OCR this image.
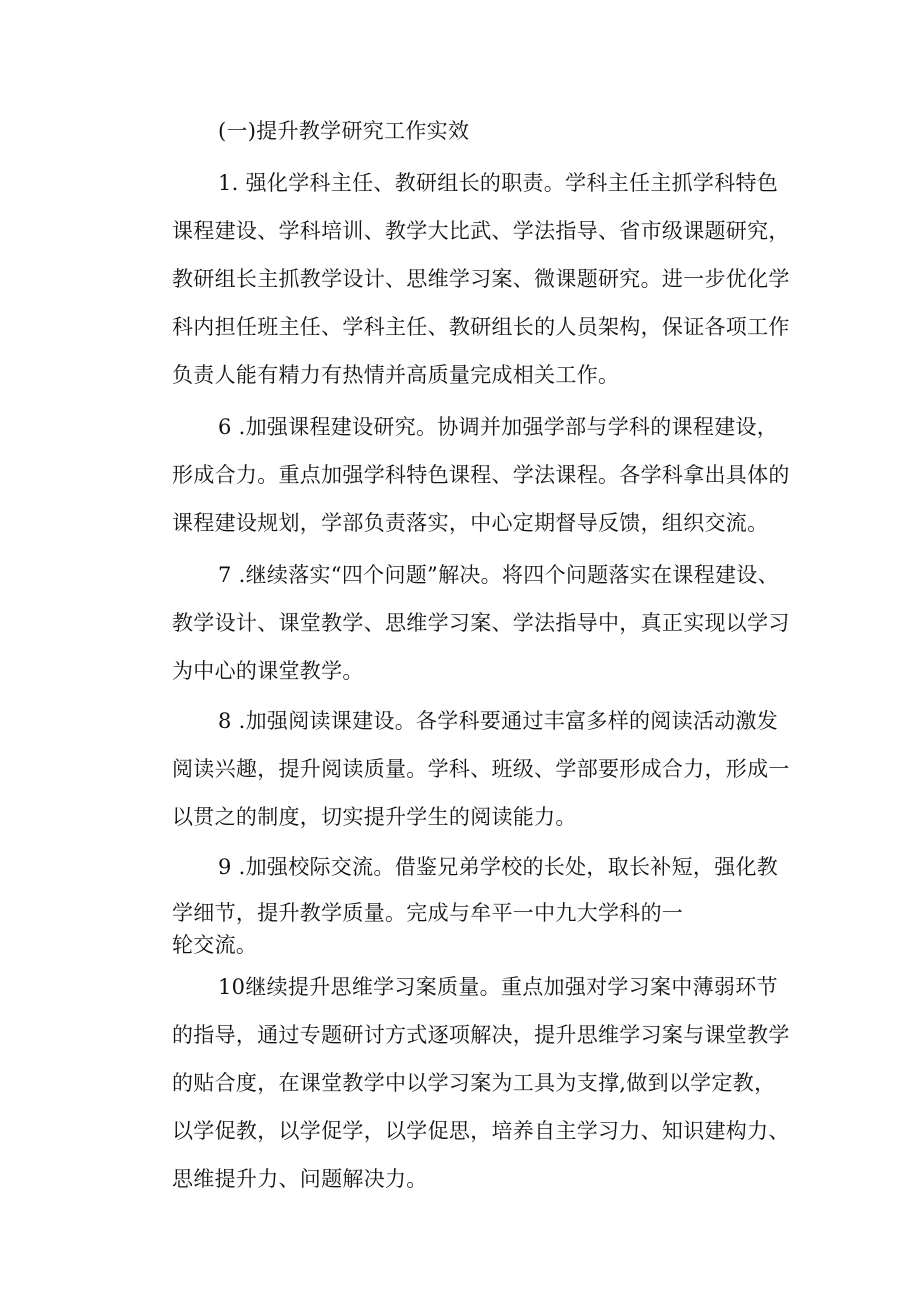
(一)提升教学研究工作实效
1. 强化学科主任、教研组长的职责。学科主任主抓学科特色
课程建设、学科培训、教学大比武、学法指导、省市级课题研究，
教研组长主抓教学设计、思维学习案、微课题研究。进一步优化学
科内担任班主任、学科主任、教研组长的人员架构，保证各项工作
负责人能有精力有热情并高质量完成相关工作。
6 .加强课程建设研究。协调并加强学部与学科的课程建设，
形成合力。重点加强学科特色课程、学法课程。各学科拿出具体的
课程建设规划，学部负责落实，中心定期督导反馈，组织交流。
7 .继续落实“四个问题”解决。将四个问题落实在课程建设、
教学设计、课堂教学、思维学习案、学法指导中，真正实现以学习
为中心的课堂教学。
8 .加强阅读课建设。各学科要通过丰富多样的阅读活动激发
阅读兴趣，提升阅读质量。学科、班级、学部要形成合力，形成一
以贯之的制度，切实提升学生的阅读能力。
9 .加强校际交流。借鉴兄弟学校的长处，取长补短，强化教
学细节，提升教学质量。完成与牟平一中九大学科的一
轮交流。
10继续提升思维学习案质量。重点加强对学习案中薄弱环节
的指导，通过专题研讨方式逐项解决，提升思维学习案与课堂教学
的贴合度，在课堂教学中以学习案为工具为支撑,做到以学定教，
以学促教，以学促学，以学促思，培养自主学习力、知识建构力、
思维提升力、问题解决力。
